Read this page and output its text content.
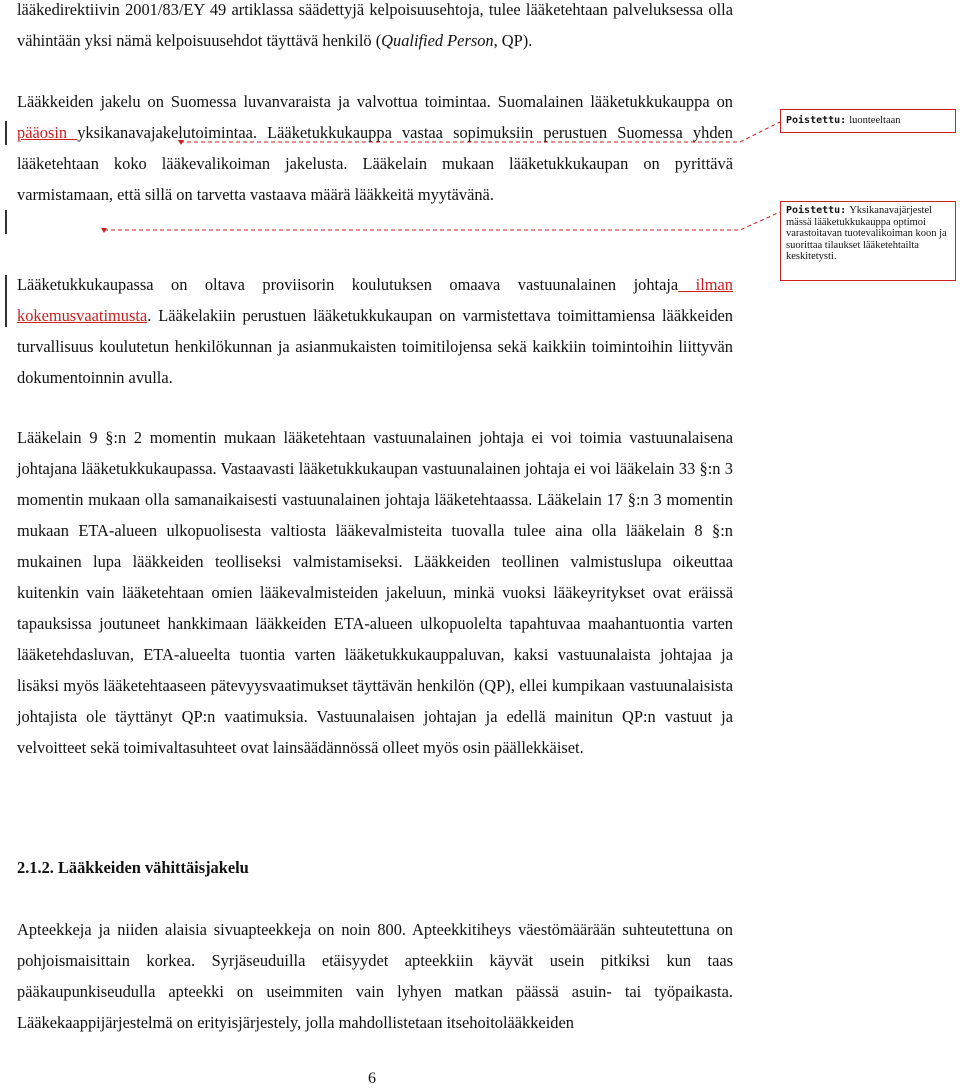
lääkedirektiivin 2001/83/EY 49 artiklassa säädettyjä kelpoisuusehtoja, tulee lääketehtaan palveluksessa olla vähintään yksi nämä kelpoisuusehdot täyttävä henkilö (Qualified Person, QP).
Lääkkeiden jakelu on Suomessa luvanvaraista ja valvottua toimintaa. Suomalainen lääketukkukauppa on pääosin yksikanavajakelutoimintaa. Lääketukkukauppa vastaa sopimuksiin perustuen Suomessa yhden lääketehtaan koko lääkevalikoiman jakelusta. Lääkelain mukaan lääketukkukaupan on pyrittävä varmistamaan, että sillä on tarvetta vastaava määrä lääkkeitä myytävänä.
Lääketukkukaupassa on oltava proviisorin koulutuksen omaava vastuunalainen johtaja ilman kokemusvaatimusta. Lääkelakiin perustuen lääketukkukaupan on varmistettava toimittamiensa lääkkeiden turvallisuus koulutetun henkilökunnan ja asianmukaisten toimitilojensa sekä kaikkiin toimintoihin liittyvän dokumentoinnin avulla.
Lääkelain 9 §:n 2 momentin mukaan lääketehtaan vastuunalainen johtaja ei voi toimia vastuunalaisena johtajana lääketukkukaupassa. Vastaavasti lääketukkukaupan vastuunalainen johtaja ei voi lääkelain 33 §:n 3 momentin mukaan olla samanaikaisesti vastuunalainen johtaja lääketehtaassa. Lääkelain 17 §:n 3 momentin mukaan ETA-alueen ulkopuolisesta valtiosta lääkevalmisteita tuovalla tulee aina olla lääkelain 8 §:n mukainen lupa lääkkeiden teolliseksi valmistamiseksi. Lääkkeiden teollinen valmistuslupa oikeuttaa kuitenkin vain lääketehtaan omien lääkevalmisteiden jakeluun, minkä vuoksi lääkeyritykset ovat eräissä tapauksissa joutuneet hankkimaan lääkkeiden ETA-alueen ulkopuolelta tapahtuvaa maahantuontia varten lääketehdasluvan, ETA-alueelta tuontia varten lääketukkukauppaluvan, kaksi vastuunalaista johtajaa ja lisäksi myös lääketehtaaseen pätevyysvaatimukset täyttävän henkilön (QP), ellei kumpikaan vastuunalaisista johtajista ole täyttänyt QP:n vaatimuksia. Vastuunalaisen johtajan ja edellä mainitun QP:n vastuut ja velvoitteet sekä toimivaltasuhteet ovat lainsäädännössä olleet myös osin päällekkäiset.
2.1.2. Lääkkeiden vähittäisjakelu
Apteekkeja ja niiden alaisia sivuapteekkeja on noin 800. Apteekkitiheys väestömäärään suhteutettuna on pohjoismaisittain korkea. Syrjäseuduilla etäisyydet apteekkiin käyvät usein pitkiksi kun taas pääkaupunkiseudulla apteekki on useimmiten vain lyhyen matkan päässä asuin- tai työpaikasta. Lääkekaappijärjestelmä on erityisjärjestely, jolla mahdollistetaan itsehoitolääkkeiden
Poistettu: luonteeltaan
Poistettu: Yksikanavajärjestel mässä lääketukkukauppa optimoi varastoitavan tuotevalikoiman koon ja suorittaa tilaukset lääketehtailta keskitetysti.
6
